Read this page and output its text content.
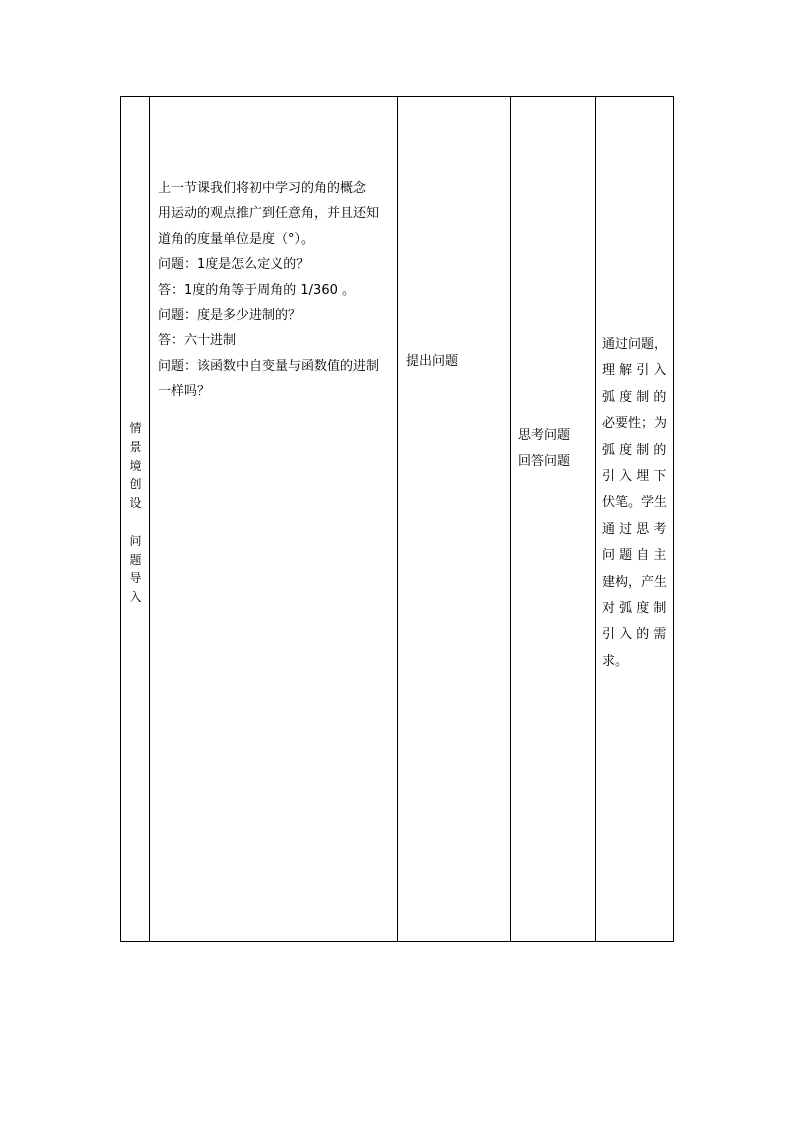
情
景
境
创
设

问
题
导
入

上一节课我们将初中学习的角的概念

用运动的观点推广到任意角，并且还知

道角的度量单位是度（°）。

问题：1度是怎么定义的？

答：1度的角等于周角的 1/360 。

问题：度是多少进制的？

答：六十进制

问题：该函数中自变量与函数值的进制

一样吗？

提出问题

思考问题

回答问题

通过问题，

理 解 引 入

弧 度 制 的

必要性；为

弧 度 制 的

引 入 埋 下

伏笔。学生

通 过 思 考

问 题 自 主

建构，产生

对 弧 度 制

引 入 的 需

求。
